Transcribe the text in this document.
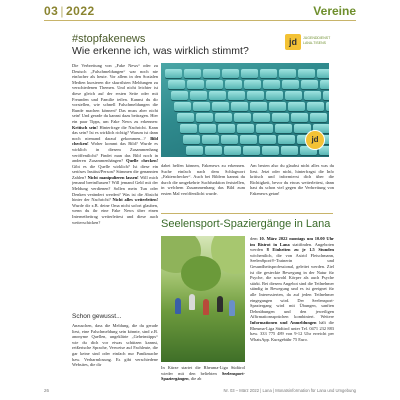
03 | 2022	Vereine
#stopfakenews
Wie erkenne ich, was wirklich stimmt?
jd	JUGENDDIENST LANA-TISENS

Die Verbreitung von „Fake News“ oder zu Deutsch „Falschmeldungen“ war noch nie einfacher als heute. Vor allem in den Sozialen Medien kursieren die skurrilsten Meldungen zu verschiedenen Themen. Und nicht leichter ist diese gleich auf der ersten Seite oder mit Freunden und Familie teilen. Kannst du dir vorstellen, wie schnell Falschmeldungen die Runde machen können? Das muss aber nicht sein! Und gerade du kannst dazu beitragen. Hier ein paar Tipps, um Fake News zu erkennen: Kritisch sein! Hinterfrage die Nachricht. Kann das sein? Ist es wirklich richtig? Warum ist dann noch niemand darauf gekommen...? Bild checken! Woher kommt das Bild? Wurde es wirklich in diesem Zusammenhang veröffentlicht? Findet man das Bild noch in anderen Zusammenhängen? Quelle checken! Gibt es die Quelle wirklich? Ist diese ein seriöses Institut/Person? Stimmen die genannten Zahlen? Nicht manipulieren lassen! Will mich jemand beeinflussen? Will jemand Geld mit der Meldung verdienen? Sollen mein Tun oder Denken verändert werden? Was ist die Absicht hinter der Nachricht? Nicht alles weiterleiten! Wurde dir z.B. deine Oma nicht sofort glauben, wenn du ihr eine Fake News über einen Internetbeitrag weiterleitest und diese auch weiterschicken?

jd

dabei helfen können, Fakenews zu erkennen. Suche einfach nach dem Schlagwort „Faktenchecker“. Auch bei Bildern kannst du durch die umgekehrte Suchfunktion feststellen, in welchem Zusammenhang das Bild zum ersten Mal veröffentlicht wurde.

Am besten also du glaubst nicht alles was du liest. Jetzt oder nicht, hinterfragst die Info kritisch und informierst dich über die Richtigkeit, bevor du etwas weiterleitest, dann hast du schon viel gegen die Verbreitung von Fakenews getan!

Schon gewusst...

Anzuschen, dass die Meldung, die du gerade liest, eine Falschmeldung sein könnte, sind z.B. anonyme Quellen, ungeklärte „Geheimtipps“ wie du dich vor etwas schützen kannst, reißerische Sprache, Verweise auf Fachleute, die gar keine sind oder einfach nur Panikmache bzw. Verharmlosung. Es gibt verschiedene Websites, die dir

Seelensport-Spaziergänge in Lana

In Kürze startet die Rheuma-Liga Südtirol wieder mit den beliebten Seelensport-Spaziergängen, die ab

dem 10. März 2022 montags um 10.00 Uhr im Bistrot in Lana stattfinden. Angeboten werden 8 Einheiten zu je 1.5 Stunden wöchentlich, die von Astrid Fleischmann, SeelenSport®-Trainerin und Gesundheitsprofessional, geleitet werden. Ziel ist die gesteckte Bewegung in der Natur für Psyche, die sowohl Körper als auch Psyche stärkt. Bei diesem Angebot sind die Teilnehmer ständig in Bewegung und es ist geeignet für alle Interessierten, da auf jeden Teilnehmer eingegangen wird. Der Seelensport-Spaziergang wird mit Übungen, sanften Dehnübungen und den jeweiligen Affirmationssprüchen kombiniert. Weitere Informationen und Anmeldungen hält die Rheuma-Liga Südtirol unter Tel. 0471 232 883 bzw. 333 775 489 von 9-12 Uhr erreicht per WhatsApp. Kursgebühr 75 Euro.

26	Nr. 03 – März 2022 | Lana | Monatsinformation für Lana und Umgebung
